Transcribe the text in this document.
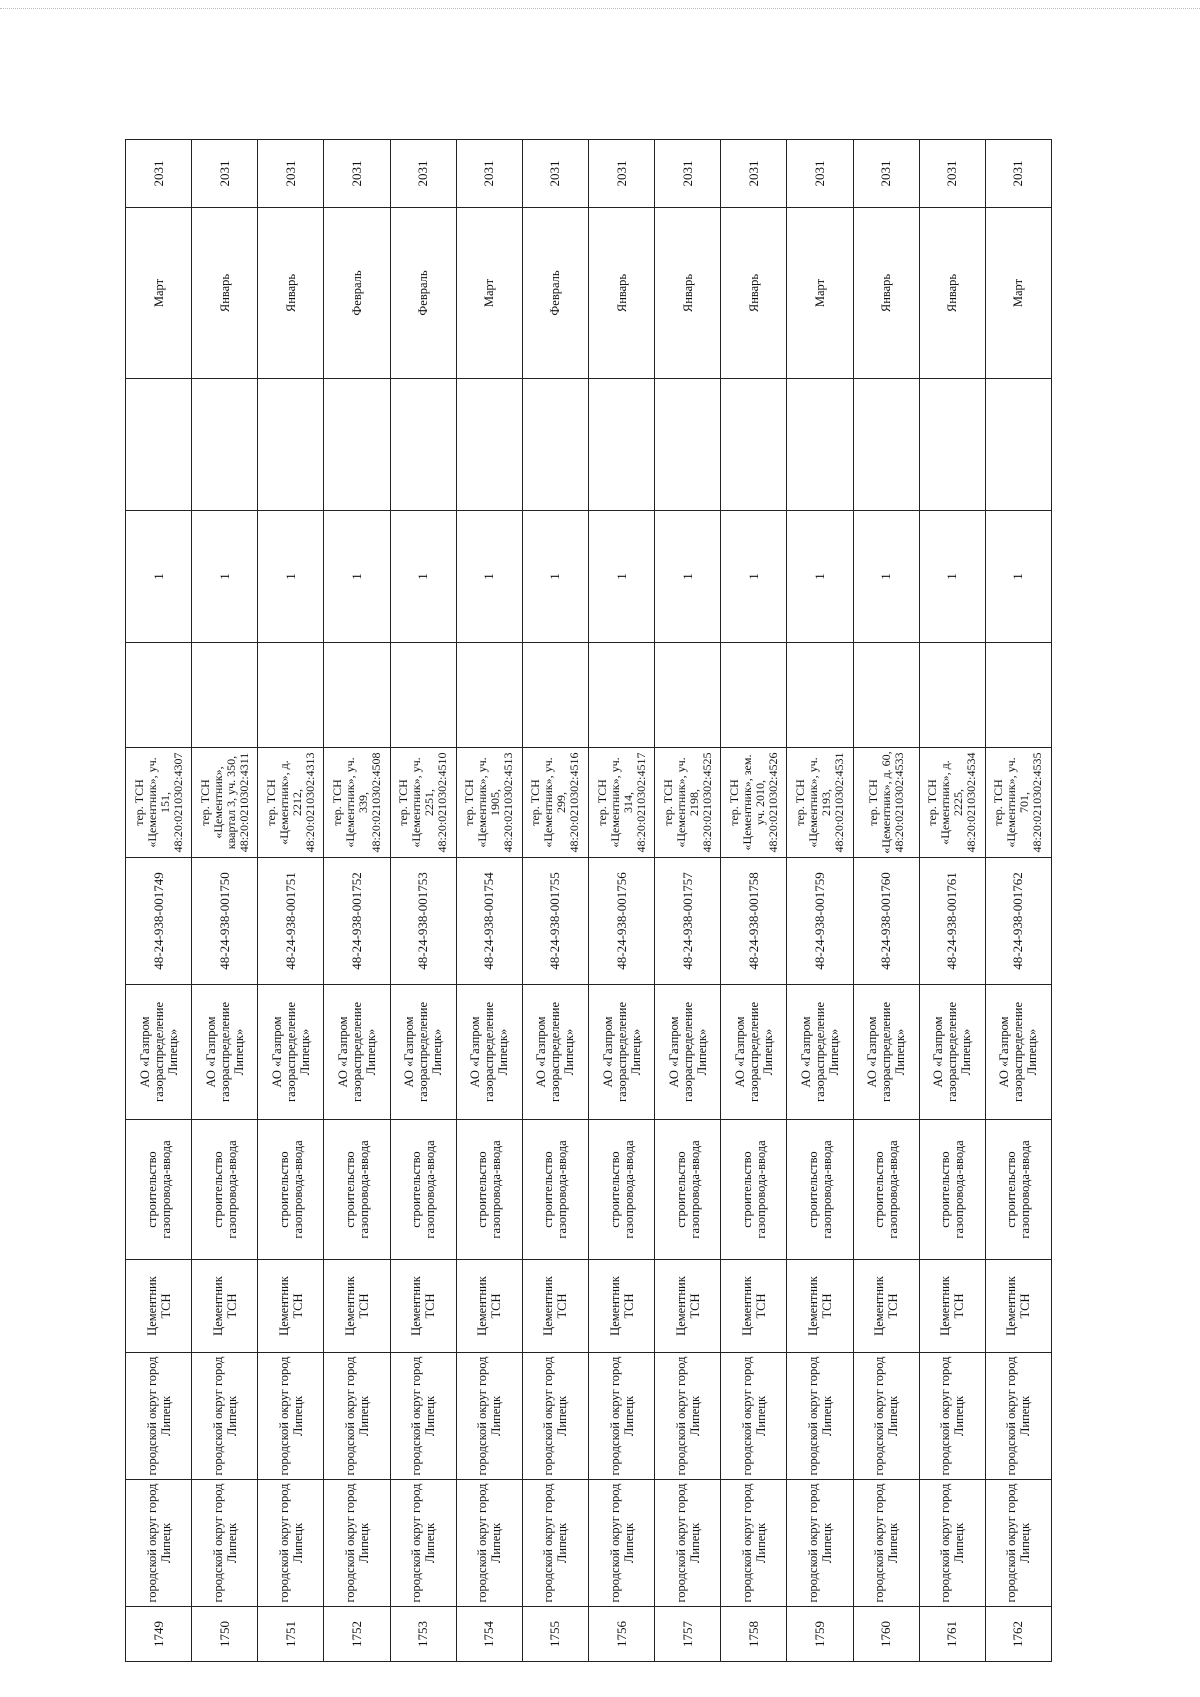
1749	городской округ город Липецк	городской округ город Липецк	Цементник ТСН	строительство газопровода-ввода	АО «Газпром газораспределение Липецк»	48-24-938-001749	тер. ТСН «Цементник», уч. 151, 48:20:0210302:4307		1		Март	2031
1750	городской округ город Липецк	городской округ город Липецк	Цементник ТСН	строительство газопровода-ввода	АО «Газпром газораспределение Липецк»	48-24-938-001750	тер. ТСН «Цементник», квартал 3, уч. 350, 48:20:0210302:4311		1		Январь	2031
1751	городской округ город Липецк	городской округ город Липецк	Цементник ТСН	строительство газопровода-ввода	АО «Газпром газораспределение Липецк»	48-24-938-001751	тер. ТСН «Цементник», д. 2212, 48:20:0210302:4313		1		Январь	2031
1752	городской округ город Липецк	городской округ город Липецк	Цементник ТСН	строительство газопровода-ввода	АО «Газпром газораспределение Липецк»	48-24-938-001752	тер. ТСН «Цементник», уч. 339, 48:20:0210302:4508		1		Февраль	2031
1753	городской округ город Липецк	городской округ город Липецк	Цементник ТСН	строительство газопровода-ввода	АО «Газпром газораспределение Липецк»	48-24-938-001753	тер. ТСН «Цементник», уч. 2251, 48:20:0210302:4510		1		Февраль	2031
1754	городской округ город Липецк	городской округ город Липецк	Цементник ТСН	строительство газопровода-ввода	АО «Газпром газораспределение Липецк»	48-24-938-001754	тер. ТСН «Цементник», уч. 1905, 48:20:0210302:4513		1		Март	2031
1755	городской округ город Липецк	городской округ город Липецк	Цементник ТСН	строительство газопровода-ввода	АО «Газпром газораспределение Липецк»	48-24-938-001755	тер. ТСН «Цементник», уч. 299, 48:20:0210302:4516		1		Февраль	2031
1756	городской округ город Липецк	городской округ город Липецк	Цементник ТСН	строительство газопровода-ввода	АО «Газпром газораспределение Липецк»	48-24-938-001756	тер. ТСН «Цементник», уч. 314, 48:20:0210302:4517		1		Январь	2031
1757	городской округ город Липецк	городской округ город Липецк	Цементник ТСН	строительство газопровода-ввода	АО «Газпром газораспределение Липецк»	48-24-938-001757	тер. ТСН «Цементник», уч. 2198, 48:20:0210302:4525		1		Январь	2031
1758	городской округ город Липецк	городской округ город Липецк	Цементник ТСН	строительство газопровода-ввода	АО «Газпром газораспределение Липецк»	48-24-938-001758	тер. ТСН «Цементник», зем. уч. 2010, 48:20:0210302:4526		1		Январь	2031
1759	городской округ город Липецк	городской округ город Липецк	Цементник ТСН	строительство газопровода-ввода	АО «Газпром газораспределение Липецк»	48-24-938-001759	тер. ТСН «Цементник», уч. 2193, 48:20:0210302:4531		1		Март	2031
1760	городской округ город Липецк	городской округ город Липецк	Цементник ТСН	строительство газопровода-ввода	АО «Газпром газораспределение Липецк»	48-24-938-001760	тер. ТСН «Цементник», д. 60, 48:20:0210302:4533		1		Январь	2031
1761	городской округ город Липецк	городской округ город Липецк	Цементник ТСН	строительство газопровода-ввода	АО «Газпром газораспределение Липецк»	48-24-938-001761	тер. ТСН «Цементник», д. 2225, 48:20:0210302:4534		1		Январь	2031
1762	городской округ город Липецк	городской округ город Липецк	Цементник ТСН	строительство газопровода-ввода	АО «Газпром газораспределение Липецк»	48-24-938-001762	тер. ТСН «Цементник», уч. 701, 48:20:0210302:4535		1		Март	2031
